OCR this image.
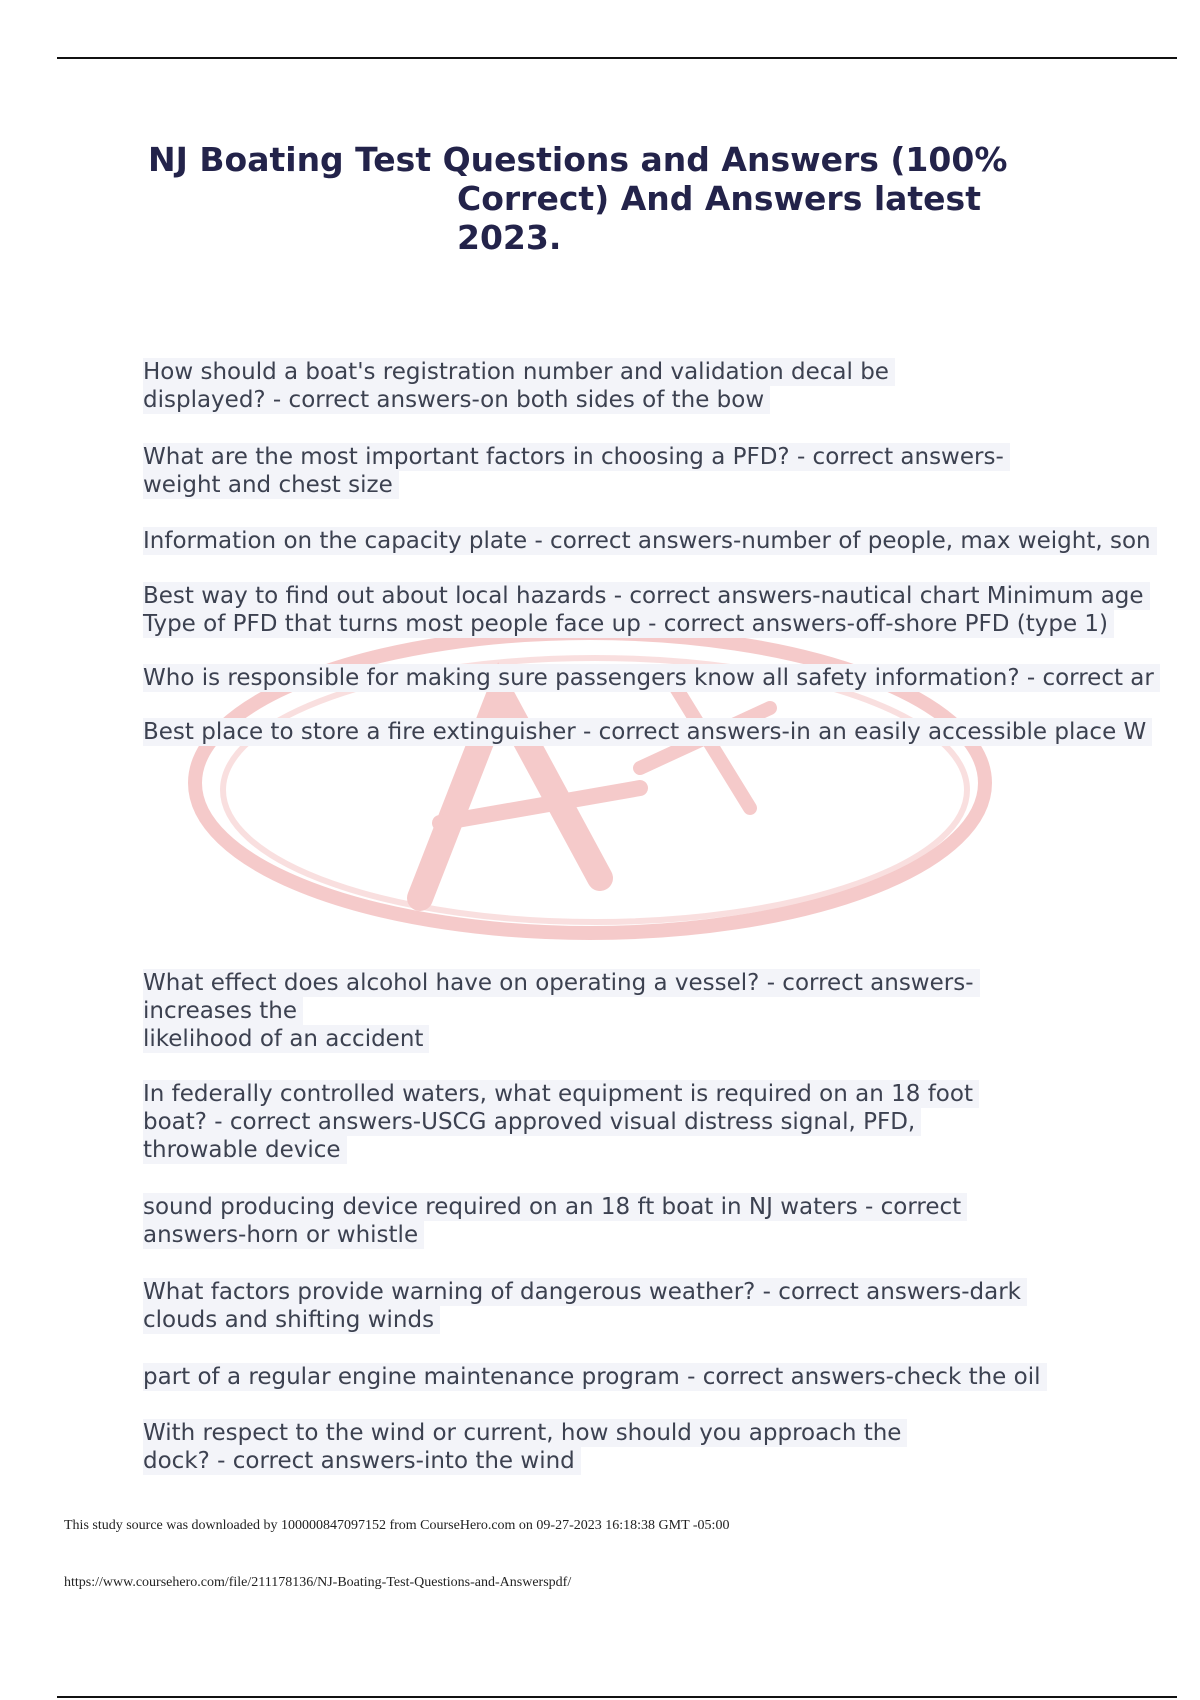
NJ Boating Test Questions and Answers (100%
Correct) And Answers latest
2023.
How should a boat's registration number and validation decal be
displayed? - correct answers-on both sides of the bow
What are the most important factors in choosing a PFD? - correct answers-
weight and chest size
Information on the capacity plate - correct answers-number of people, max weight, son
Best way to find out about local hazards - correct answers-nautical chart Minimum age
Type of PFD that turns most people face up - correct answers-off-shore PFD (type 1)
Who is responsible for making sure passengers know all safety information? - correct ar
Best place to store a fire extinguisher - correct answers-in an easily accessible place W
What effect does alcohol have on operating a vessel? - correct answers-
increases the
likelihood of an accident
In federally controlled waters, what equipment is required on an 18 foot
boat? - correct answers-USCG approved visual distress signal, PFD,
throwable device
sound producing device required on an 18 ft boat in NJ waters - correct
answers-horn or whistle
What factors provide warning of dangerous weather? - correct answers-dark
clouds and shifting winds
part of a regular engine maintenance program - correct answers-check the oil
With respect to the wind or current, how should you approach the
dock? - correct answers-into the wind

This study source was downloaded by 100000847097152 from CourseHero.com on 09-27-2023 16:18:38 GMT -05:00

https://www.coursehero.com/file/211178136/NJ-Boating-Test-Questions-and-Answerspdf/
